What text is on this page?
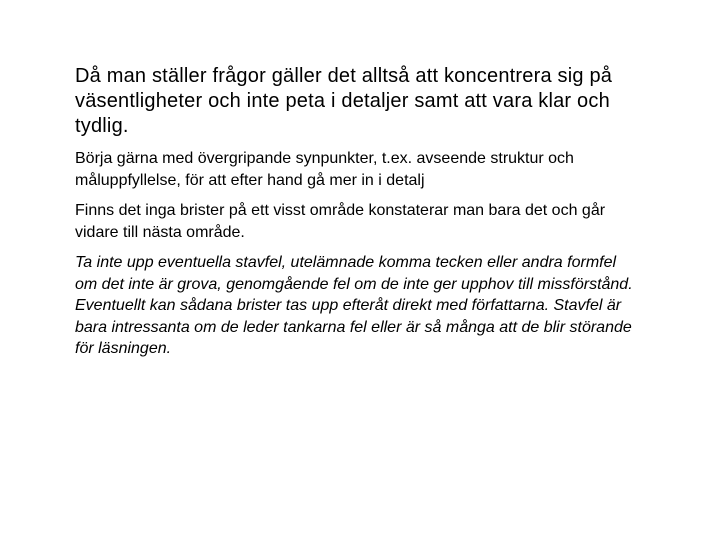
Då man ställer frågor gäller det alltså att koncentrera sig på väsentligheter och inte peta i detaljer samt att vara klar och tydlig.

Börja gärna med övergripande synpunkter, t.ex. avseende struktur och måluppfyllelse, för att efter hand gå mer in i detalj

Finns det inga brister på ett visst område konstaterar man bara det och går vidare till nästa område.

Ta inte upp eventuella stavfel, utelämnade komma tecken eller andra formfel om det inte är grova, genomgående fel om de inte ger upphov till missförstånd. Eventuellt kan sådana brister tas upp efteråt direkt med författarna. Stavfel är bara intressanta om de leder tankarna fel eller är så många att de blir störande för läsningen.
